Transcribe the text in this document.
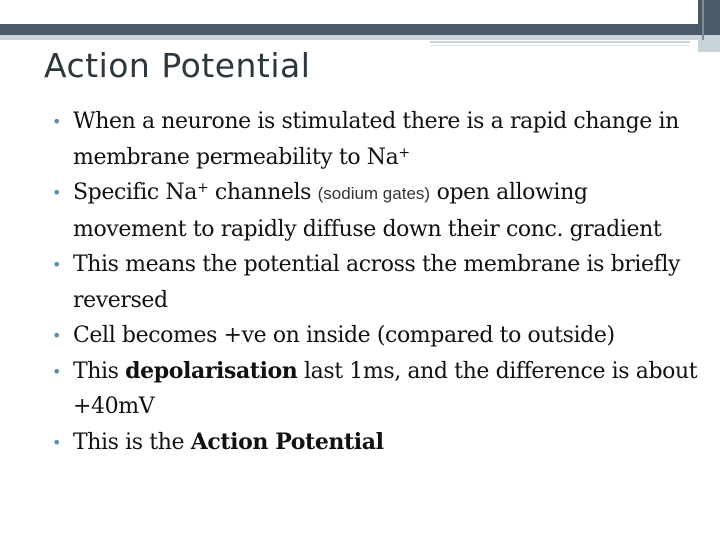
Action Potential
• When a neurone is stimulated there is a rapid change in membrane permeability to Na+
• Specific Na+ channels (sodium gates) open allowing movement to rapidly diffuse down their conc. gradient
• This means the potential across the membrane is briefly reversed
• Cell becomes +ve on inside (compared to outside)
• This depolarisation last 1ms, and the difference is about +40mV
• This is the Action Potential
